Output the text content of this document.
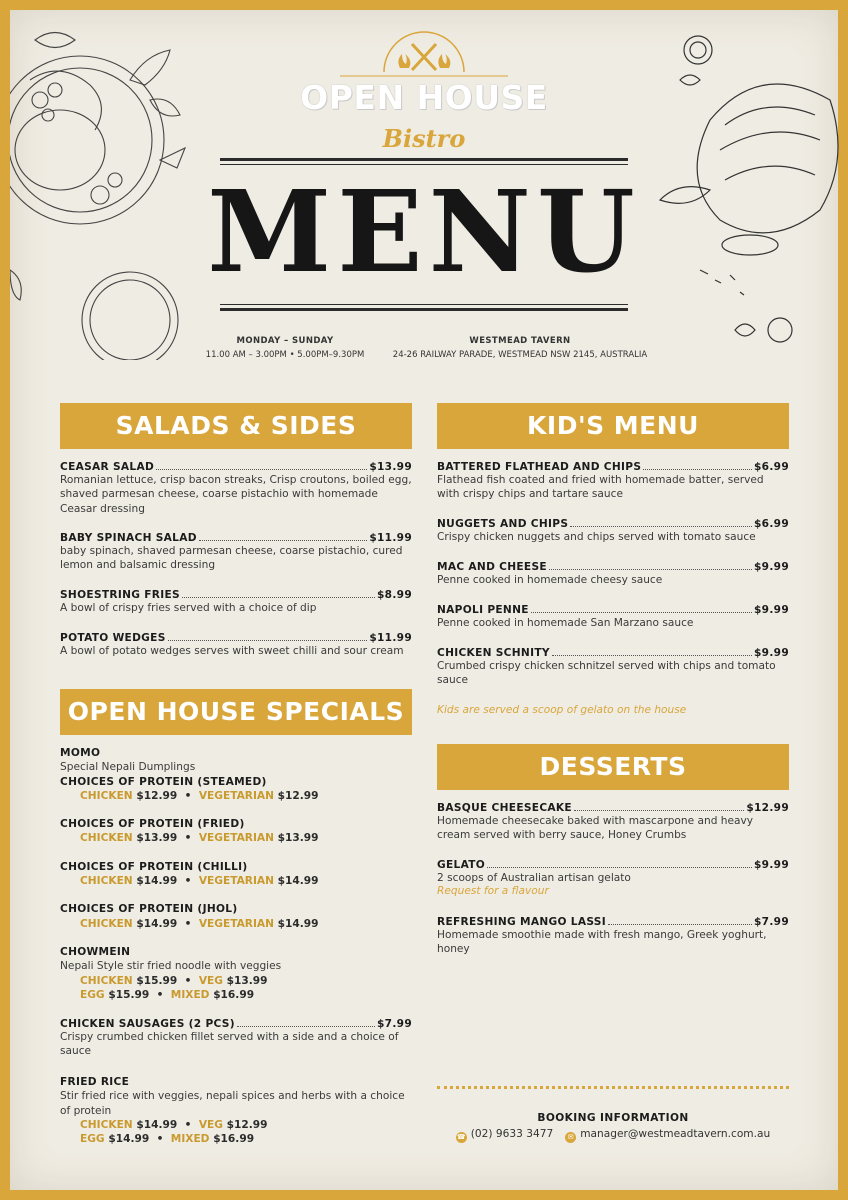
OPEN HOUSE
Bistro
MENU
MONDAY – SUNDAY
11.00 AM – 3.00PM • 5.00PM–9.30PM
WESTMEAD TAVERN
24-26 RAILWAY PARADE, WESTMEAD NSW 2145, AUSTRALIA
SALADS & SIDES
CEASAR SALAD	$13.99
Romanian lettuce, crisp bacon streaks, Crisp croutons, boiled egg, shaved parmesan cheese, coarse pistachio with homemade Ceasar dressing
BABY SPINACH SALAD	$11.99
baby spinach, shaved parmesan cheese, coarse pistachio, cured lemon and balsamic dressing
SHOESTRING FRIES	$8.99
A bowl of crispy fries served with a choice of dip
POTATO WEDGES	$11.99
A bowl of potato wedges serves with sweet chilli and sour cream
OPEN HOUSE SPECIALS
MOMO
Special Nepali Dumplings
CHOICES OF PROTEIN (STEAMED)
CHICKEN $12.99 • VEGETARIAN $12.99
CHOICES OF PROTEIN (FRIED)
CHICKEN $13.99 • VEGETARIAN $13.99
CHOICES OF PROTEIN (CHILLI)
CHICKEN $14.99 • VEGETARIAN $14.99
CHOICES OF PROTEIN (JHOL)
CHICKEN $14.99 • VEGETARIAN $14.99
CHOWMEIN
Nepali Style stir fried noodle with veggies
CHICKEN $15.99 • VEG $13.99
EGG $15.99 • MIXED $16.99
CHICKEN SAUSAGES (2 PCS)	$7.99
Crispy crumbed chicken fillet served with a side and a choice of sauce
FRIED RICE
Stir fried rice with veggies, nepali spices and herbs with a choice of protein
CHICKEN $14.99 • VEG $12.99
EGG $14.99 • MIXED $16.99
KID'S MENU
BATTERED FLATHEAD AND CHIPS	$6.99
Flathead fish coated and fried with homemade batter, served with crispy chips and tartare sauce
NUGGETS AND CHIPS	$6.99
Crispy chicken nuggets and chips served with tomato sauce
MAC AND CHEESE	$9.99
Penne cooked in homemade cheesy sauce
NAPOLI PENNE	$9.99
Penne cooked in homemade San Marzano sauce
CHICKEN SCHNITY	$9.99
Crumbed crispy chicken schnitzel served with chips and tomato sauce
Kids are served a scoop of gelato on the house
DESSERTS
BASQUE CHEESECAKE	$12.99
Homemade cheesecake baked with mascarpone and heavy cream served with berry sauce, Honey Crumbs
GELATO	$9.99
2 scoops of Australian artisan gelato
Request for a flavour
REFRESHING MANGO LASSI	$7.99
Homemade smoothie made with fresh mango, Greek yoghurt, honey
BOOKING INFORMATION
☎ (02) 9633 3477	✉ manager@westmeadtavern.com.au
